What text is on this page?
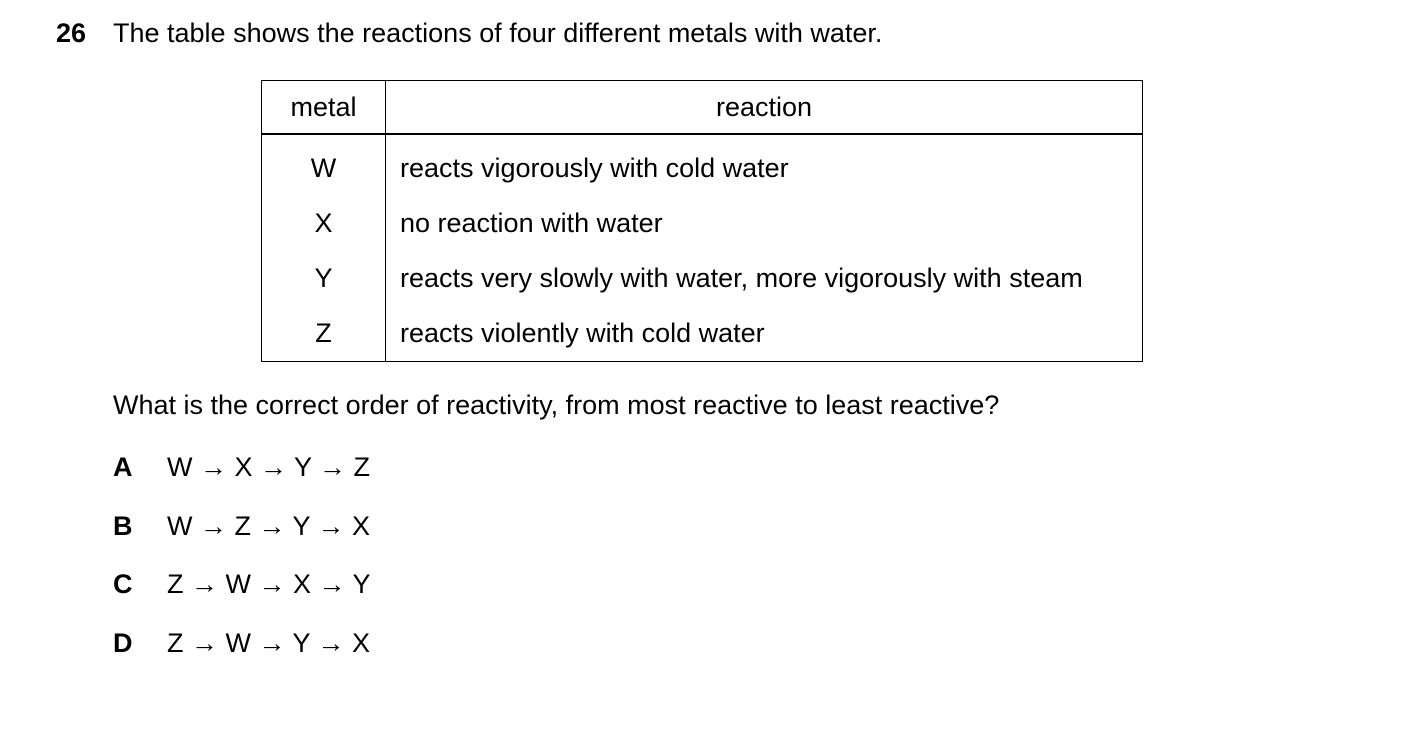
26 The table shows the reactions of four different metals with water.
metal	reaction
W	reacts vigorously with cold water
X	no reaction with water
Y	reacts very slowly with water, more vigorously with steam
Z	reacts violently with cold water
What is the correct order of reactivity, from most reactive to least reactive?
A W → X → Y → Z
B W → Z → Y → X
C Z → W → X → Y
D Z → W → Y → X
